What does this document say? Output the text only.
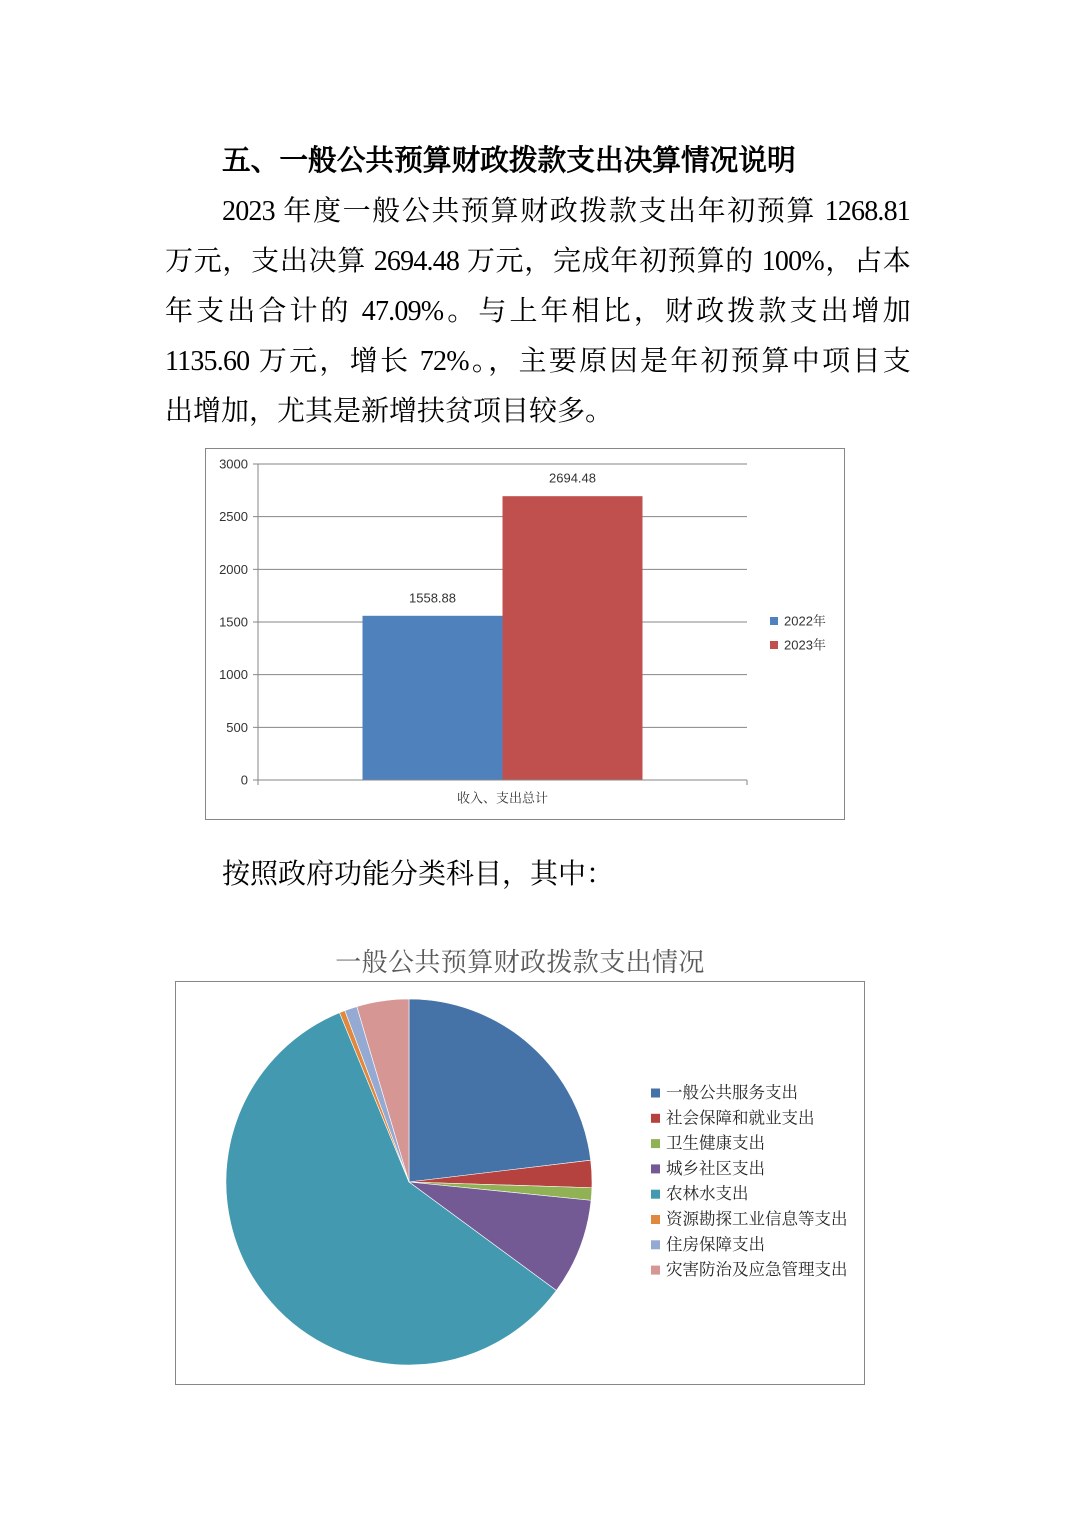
五、一般公共预算财政拨款支出决算情况说明
2023 年度一般公共预算财政拨款支出年初预算 1268.81
万元，支出决算 2694.48 万元，完成年初预算的 100%，占本
年支出合计的 47.09%。与上年相比，财政拨款支出增加
1135.60 万元，增长 72%。，主要原因是年初预算中项目支
出增加，尤其是新增扶贫项目较多。
0
500
1000
1500
2000
2500
3000
1558.88
2022年
2694.48
2023年
收入、支出总计
按照政府功能分类科目，其中：
一般公共预算财政拨款支出情况
一般公共服务支出
社会保障和就业支出
卫生健康支出
城乡社区支出
农林水支出
资源勘探工业信息等支出
住房保障支出
灾害防治及应急管理支出
